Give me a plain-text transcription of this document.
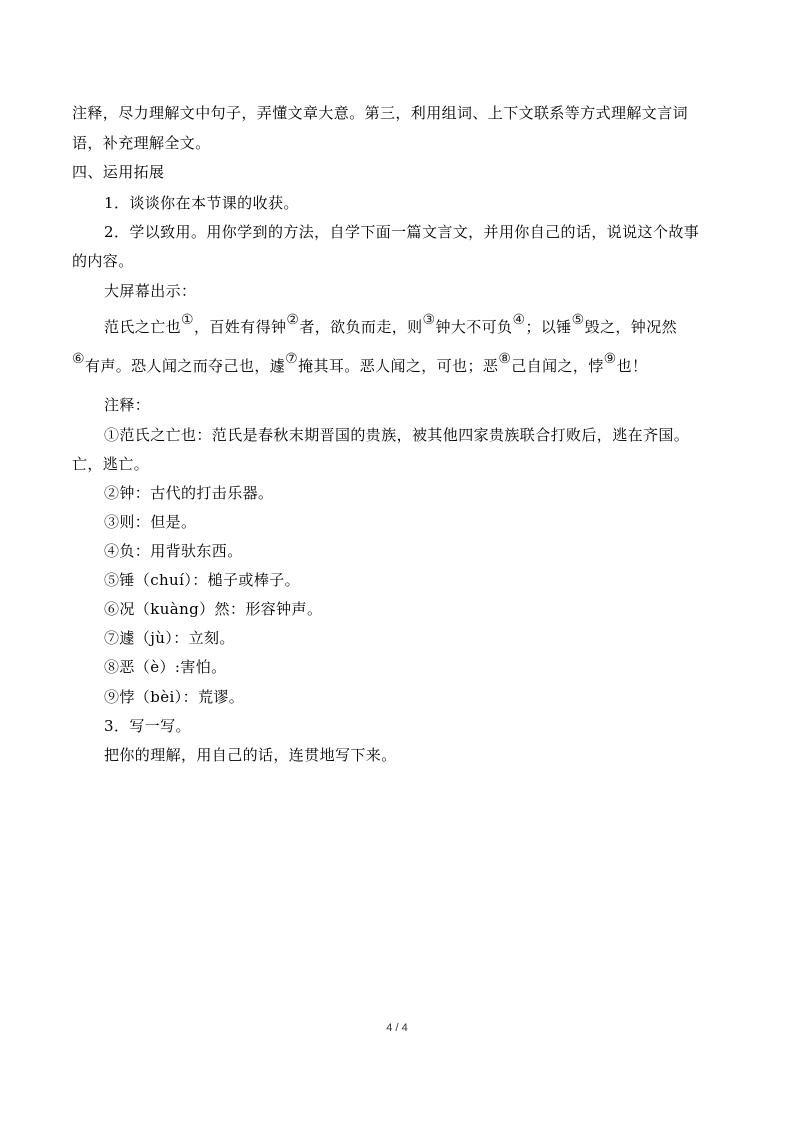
注释，尽力理解文中句子，弄懂文章大意。第三，利用组词、上下文联系等方式理解文言词
语，补充理解全文。
四、运用拓展
1．谈谈你在本节课的收获。
2．学以致用。用你学到的方法，自学下面一篇文言文，并用你自己的话，说说这个故事
的内容。
大屏幕出示：
范氏之亡也①，百姓有得钟②者，欲负而走，则③钟大不可负④；以锤⑤毁之，钟况然
⑥有声。恐人闻之而夺己也，遽⑦掩其耳。恶人闻之，可也；恶⑧己自闻之，悖⑨也！
注释：
①范氏之亡也：范氏是春秋末期晋国的贵族，被其他四家贵族联合打败后，逃在齐国。
亡，逃亡。
②钟：古代的打击乐器。
③则：但是。
④负：用背驮东西。
⑤锤（chuí）：槌子或棒子。
⑥况（kuàng）然：形容钟声。
⑦遽（jù）：立刻。
⑧恶（è）:害怕。
⑨悖（bèi）：荒谬。
3．写一写。
把你的理解，用自己的话，连贯地写下来。
4 / 4
